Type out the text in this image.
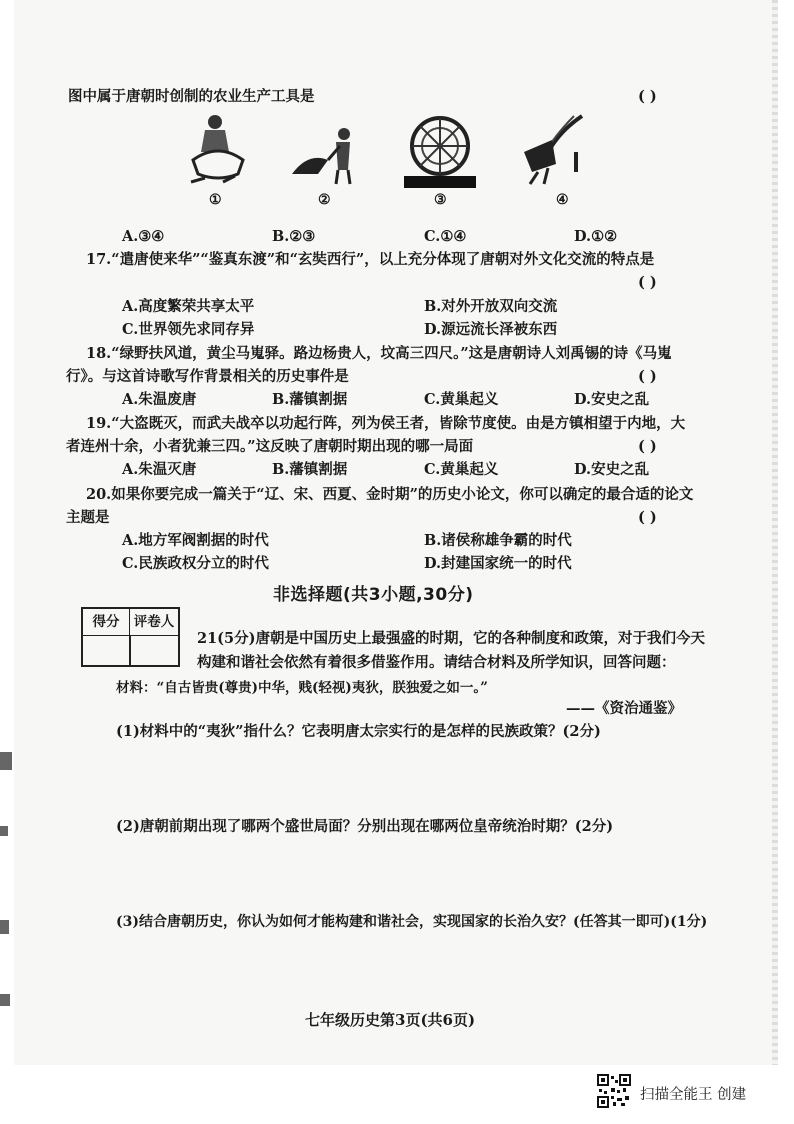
图中属于唐朝时创制的农业生产工具是	( )
①	②	③	④
A.③④	B.②③	C.①④	D.①②
17.“遣唐使来华”“鉴真东渡”和“玄奘西行”，以上充分体现了唐朝对外文化交流的特点是
( )
A.高度繁荣共享太平	B.对外开放双向交流
C.世界领先求同存异	D.源远流长泽被东西
18.“绿野扶风道，黄尘马嵬驿。路边杨贵人，坟高三四尺。”这是唐朝诗人刘禹锡的诗《马嵬
行》。与这首诗歌写作背景相关的历史事件是	( )
A.朱温废唐	B.藩镇割据	C.黄巢起义	D.安史之乱
19.“大盗既灭，而武夫战卒以功起行阵，列为侯王者，皆除节度使。由是方镇相望于内地，大
者连州十余，小者犹兼三四。”这反映了唐朝时期出现的哪一局面	( )
A.朱温灭唐	B.藩镇割据	C.黄巢起义	D.安史之乱
20.如果你要完成一篇关于“辽、宋、西夏、金时期”的历史小论文，你可以确定的最合适的论文
主题是	( )
A.地方军阀割据的时代	B.诸侯称雄争霸的时代
C.民族政权分立的时代	D.封建国家统一的时代
非选择题(共3小题,30分)
得分	评卷人
21(5分)唐朝是中国历史上最强盛的时期，它的各种制度和政策，对于我们今天
构建和谐社会依然有着很多借鉴作用。请结合材料及所学知识，回答问题：
材料：“自古皆贵(尊贵)中华，贱(轻视)夷狄，朕独爱之如一。”
——《资治通鉴》
(1)材料中的“夷狄”指什么？它表明唐太宗实行的是怎样的民族政策？(2分)
(2)唐朝前期出现了哪两个盛世局面？分别出现在哪两位皇帝统治时期？(2分)
(3)结合唐朝历史，你认为如何才能构建和谐社会，实现国家的长治久安？(任答其一即可)(1分)
七年级历史第3页(共6页)
扫描全能王 创建
